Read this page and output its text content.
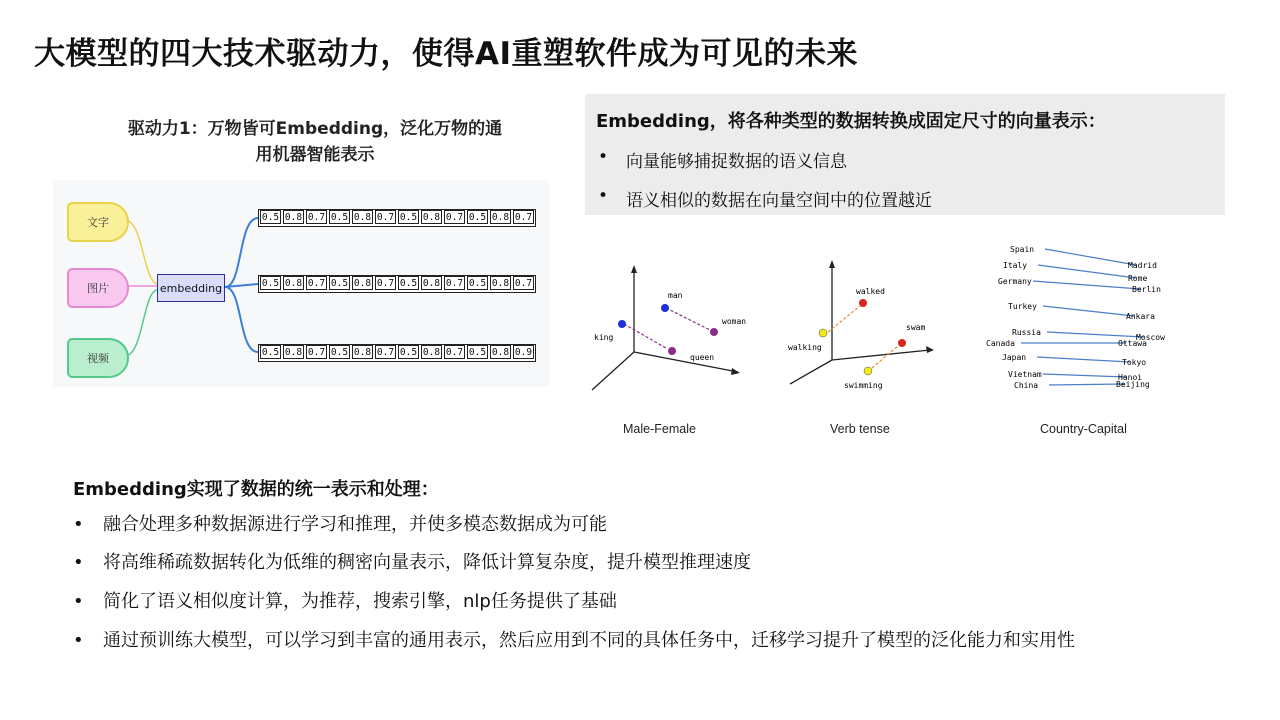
大模型的四大技术驱动力，使得AI重塑软件成为可见的未来
驱动力1：万物皆可Embedding，泛化万物的通
用机器智能表示
文字
图片
视频
embedding
0.5 0.8 0.7 0.5 0.8 0.7 0.5 0.8 0.7 0.5 0.8 0.7
0.5 0.8 0.7 0.5 0.8 0.7 0.5 0.8 0.7 0.5 0.8 0.7
0.5 0.8 0.7 0.5 0.8 0.7 0.5 0.8 0.7 0.5 0.8 0.9
Embedding，将各种类型的数据转换成固定尺寸的向量表示：
•	向量能够捕捉数据的语义信息
•	语义相似的数据在向量空间中的位置越近
man
woman
king
queen
walked
walking
swam
swimming
Spain
Madrid
Italy
Rome
Germany
Berlin
Turkey
Ankara
Russia
Moscow
Canada	Ottawa
Japan
Tokyo
Vietnam	Hanoi
China	Beijing
Male-Female	Verb tense	Country-Capital
Embedding实现了数据的统一表示和处理：
•	融合处理多种数据源进行学习和推理，并使多模态数据成为可能
•	将高维稀疏数据转化为低维的稠密向量表示，降低计算复杂度，提升模型推理速度
•	简化了语义相似度计算，为推荐，搜索引擎，nlp任务提供了基础
•	通过预训练大模型，可以学习到丰富的通用表示，然后应用到不同的具体任务中，迁移学习提升了模型的泛化能力和实用性
